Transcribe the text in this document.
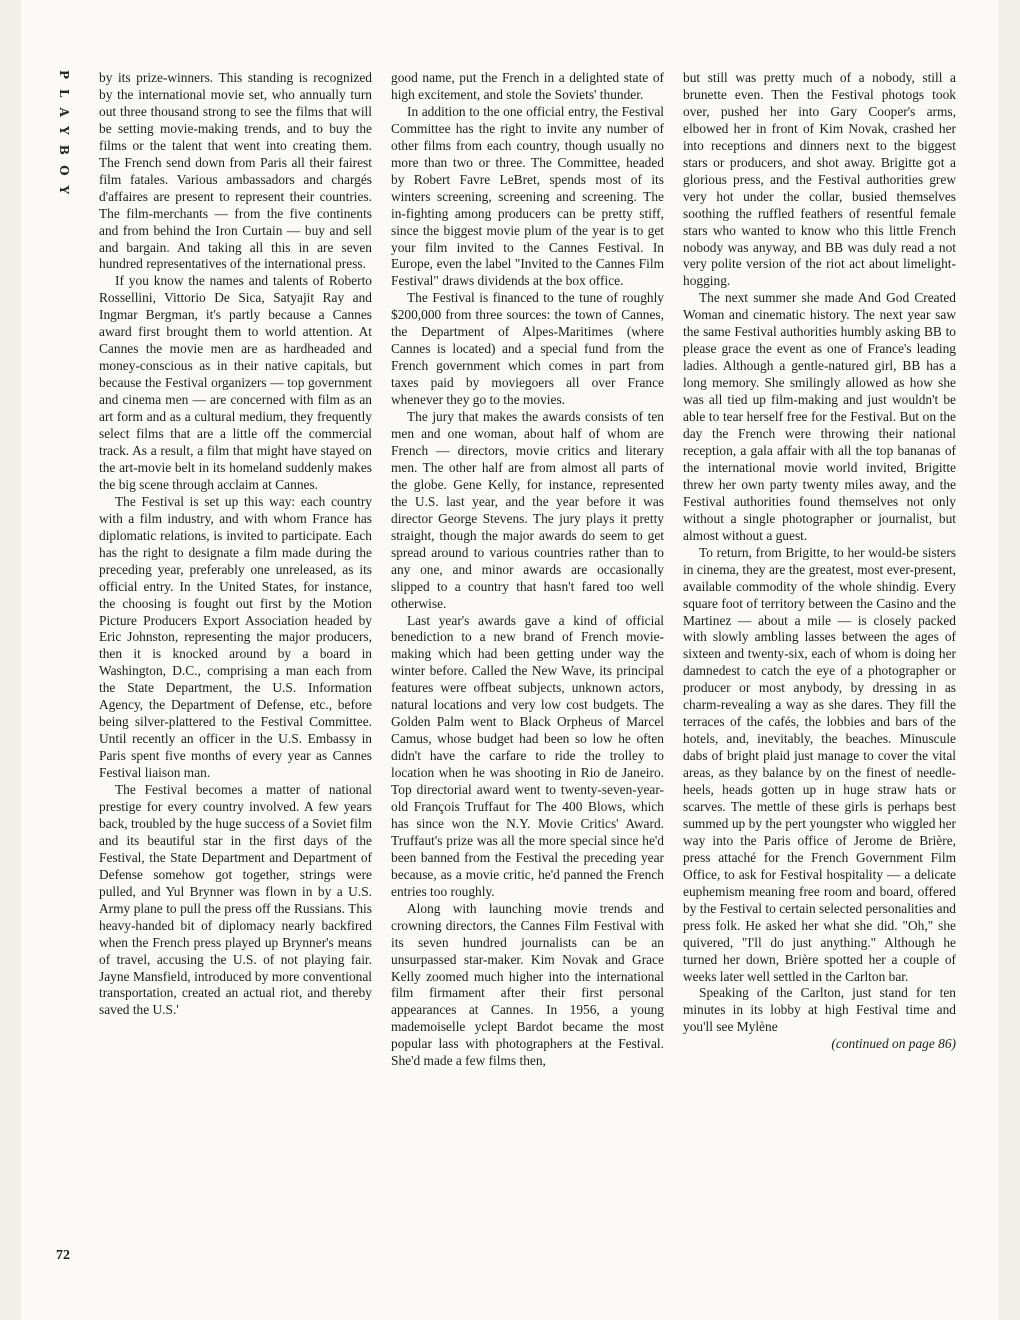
PLAYBOY by its prize-winners. This standing is recognized by the international movie set, who annually turn out three thousand strong to see the films that will be setting movie-making trends, and to buy the films or the talent that went into creating them. The French send down from Paris all their fairest film fatales. Various ambassadors and chargés d'affaires are present to represent their countries. The film-merchants — from the five continents and from behind the Iron Curtain — buy and sell and bargain. And taking all this in are seven hundred representatives of the international press.

If you know the names and talents of Roberto Rossellini, Vittorio De Sica, Satyajit Ray and Ingmar Bergman, it's partly because a Cannes award first brought them to world attention. At Cannes the movie men are as hardheaded and money-conscious as in their native capitals, but because the Festival organizers — top government and cinema men — are concerned with film as an art form and as a cultural medium, they frequently select films that are a little off the commercial track. As a result, a film that might have stayed on the art-movie belt in its homeland suddenly makes the big scene through acclaim at Cannes.

The Festival is set up this way: each country with a film industry, and with whom France has diplomatic relations, is invited to participate. Each has the right to designate a film made during the preceding year, preferably one unreleased, as its official entry. In the United States, for instance, the choosing is fought out first by the Motion Picture Producers Export Association headed by Eric Johnston, representing the major producers, then it is knocked around by a board in Washington, D.C., comprising a man each from the State Department, the U.S. Information Agency, the Department of Defense, etc., before being silver-plattered to the Festival Committee. Until recently an officer in the U.S. Embassy in Paris spent five months of every year as Cannes Festival liaison man.

The Festival becomes a matter of national prestige for every country involved. A few years back, troubled by the huge success of a Soviet film and its beautiful star in the first days of the Festival, the State Department and Department of Defense somehow got together, strings were pulled, and Yul Brynner was flown in by a U.S. Army plane to pull the press off the Russians. This heavy-handed bit of diplomacy nearly backfired when the French press played up Brynner's means of travel, accusing the U.S. of not playing fair. Jayne Mansfield, introduced by more conventional transportation, created an actual riot, and thereby saved the U.S.'

good name, put the French in a delighted state of high excitement, and stole the Soviets' thunder.

In addition to the one official entry, the Festival Committee has the right to invite any number of other films from each country, though usually no more than two or three. The Committee, headed by Robert Favre LeBret, spends most of its winters screening, screening and screening. The in-fighting among producers can be pretty stiff, since the biggest movie plum of the year is to get your film invited to the Cannes Festival. In Europe, even the label "Invited to the Cannes Film Festival" draws dividends at the box office.

The Festival is financed to the tune of roughly $200,000 from three sources: the town of Cannes, the Department of Alpes-Maritimes (where Cannes is located) and a special fund from the French government which comes in part from taxes paid by moviegoers all over France whenever they go to the movies.

The jury that makes the awards consists of ten men and one woman, about half of whom are French — directors, movie critics and literary men. The other half are from almost all parts of the globe. Gene Kelly, for instance, represented the U.S. last year, and the year before it was director George Stevens. The jury plays it pretty straight, though the major awards do seem to get spread around to various countries rather than to any one, and minor awards are occasionally slipped to a country that hasn't fared too well otherwise.

Last year's awards gave a kind of official benediction to a new brand of French movie-making which had been getting under way the winter before. Called the New Wave, its principal features were offbeat subjects, unknown actors, natural locations and very low cost budgets. The Golden Palm went to Black Orpheus of Marcel Camus, whose budget had been so low he often didn't have the carfare to ride the trolley to location when he was shooting in Rio de Janeiro. Top directorial award went to twenty-seven-year-old François Truffaut for The 400 Blows, which has since won the N.Y. Movie Critics' Award. Truffaut's prize was all the more special since he'd been banned from the Festival the preceding year because, as a movie critic, he'd panned the French entries too roughly.

Along with launching movie trends and crowning directors, the Cannes Film Festival with its seven hundred journalists can be an unsurpassed star-maker. Kim Novak and Grace Kelly zoomed much higher into the international film firmament after their first personal appearances at Cannes. In 1956, a young mademoiselle yclept Bardot became the most popular lass with photographers at the Festival. She'd made a few films then,

but still was pretty much of a nobody, still a brunette even. Then the Festival photogs took over, pushed her into Gary Cooper's arms, elbowed her in front of Kim Novak, crashed her into receptions and dinners next to the biggest stars or producers, and shot away. Brigitte got a glorious press, and the Festival authorities grew very hot under the collar, busied themselves soothing the ruffled feathers of resentful female stars who wanted to know who this little French nobody was anyway, and BB was duly read a not very polite version of the riot act about limelight-hogging.

The next summer she made And God Created Woman and cinematic history. The next year saw the same Festival authorities humbly asking BB to please grace the event as one of France's leading ladies. Although a gentle-natured girl, BB has a long memory. She smilingly allowed as how she was all tied up film-making and just wouldn't be able to tear herself free for the Festival. But on the day the French were throwing their national reception, a gala affair with all the top bananas of the international movie world invited, Brigitte threw her own party twenty miles away, and the Festival authorities found themselves not only without a single photographer or journalist, but almost without a guest.

To return, from Brigitte, to her would-be sisters in cinema, they are the greatest, most ever-present, available commodity of the whole shindig. Every square foot of territory between the Casino and the Martinez — about a mile — is closely packed with slowly ambling lasses between the ages of sixteen and twenty-six, each of whom is doing her damnedest to catch the eye of a photographer or producer or most anybody, by dressing in as charm-revealing a way as she dares. They fill the terraces of the cafés, the lobbies and bars of the hotels, and, inevitably, the beaches. Minuscule dabs of bright plaid just manage to cover the vital areas, as they balance by on the finest of needle-heels, heads gotten up in huge straw hats or scarves. The mettle of these girls is perhaps best summed up by the pert youngster who wiggled her way into the Paris office of Jerome de Brière, press attaché for the French Government Film Office, to ask for Festival hospitality — a delicate euphemism meaning free room and board, offered by the Festival to certain selected personalities and press folk. He asked her what she did. "Oh," she quivered, "I'll do just anything." Although he turned her down, Brière spotted her a couple of weeks later well settled in the Carlton bar.

Speaking of the Carlton, just stand for ten minutes in its lobby at high Festival time and you'll see Mylène

(continued on page 86)

72
